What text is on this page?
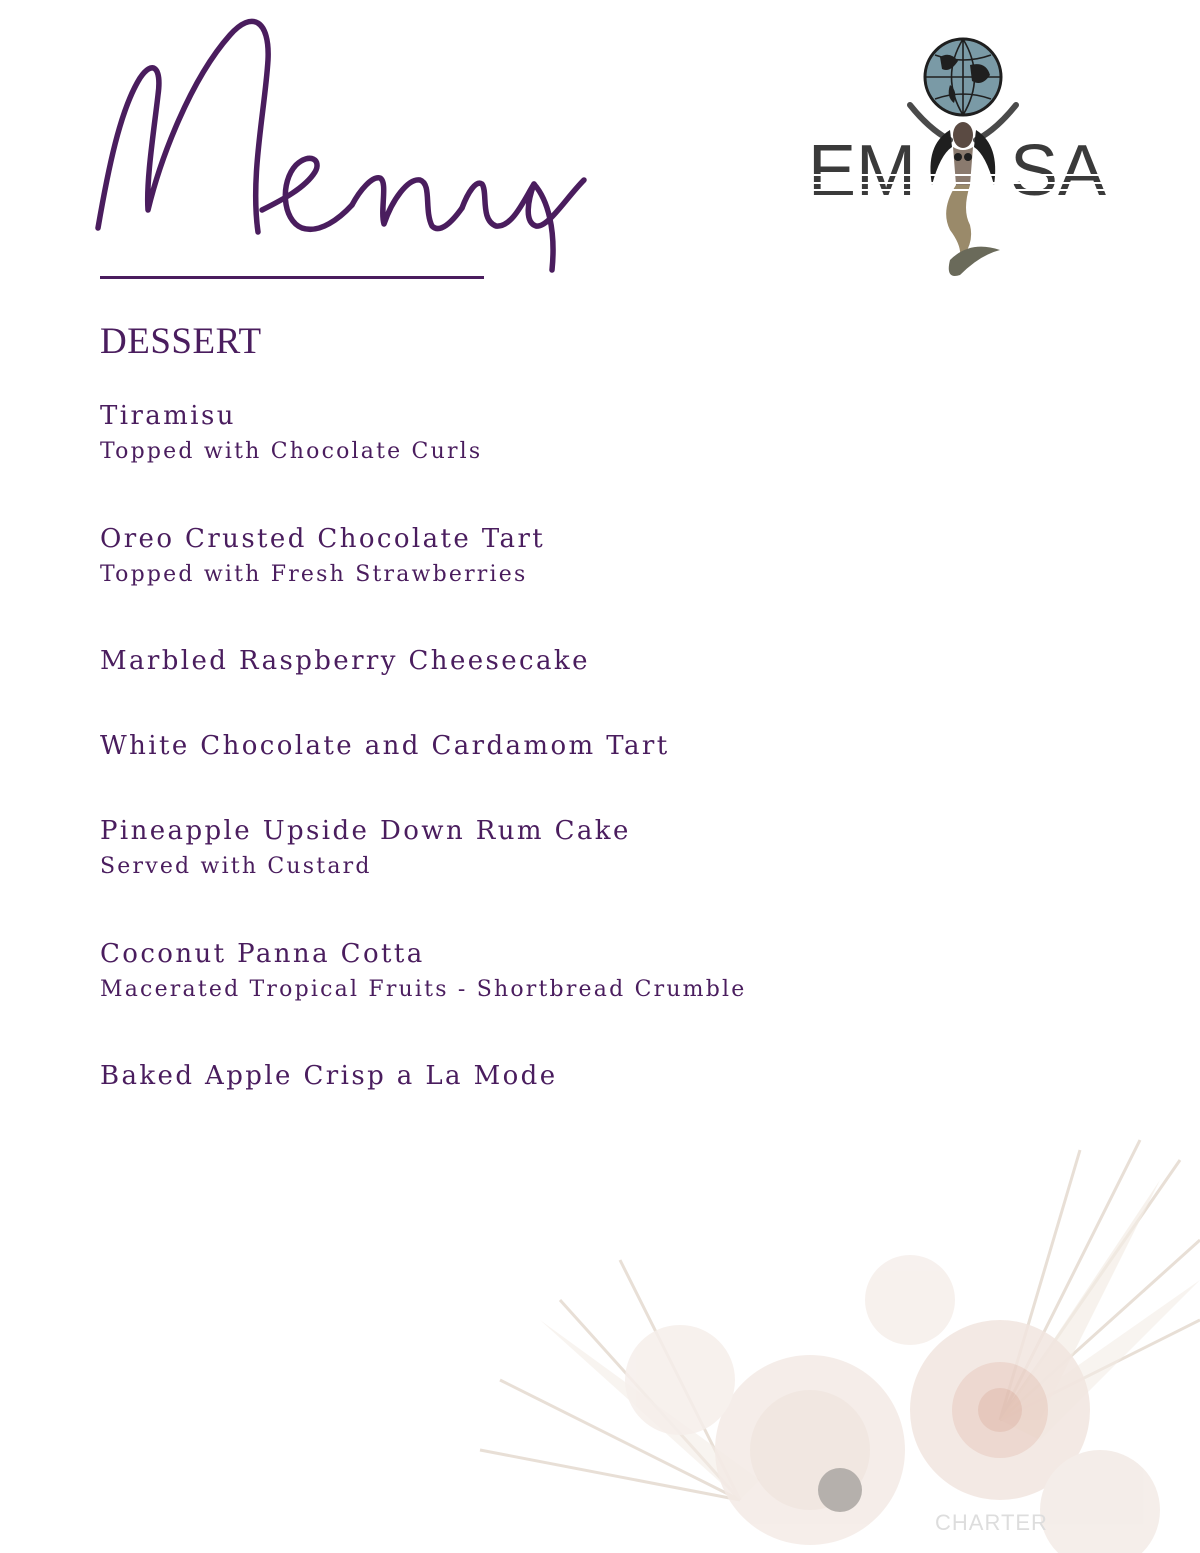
EM SA
DESSERT
Tiramisu
Topped with Chocolate Curls
Oreo Crusted Chocolate Tart
Topped with Fresh Strawberries
Marbled Raspberry Cheesecake
White Chocolate and Cardamom Tart
Pineapple Upside Down Rum Cake
Served with Custard
Coconut Panna Cotta
Macerated Tropical Fruits - Shortbread Crumble
Baked Apple Crisp a La Mode
CHARTER
